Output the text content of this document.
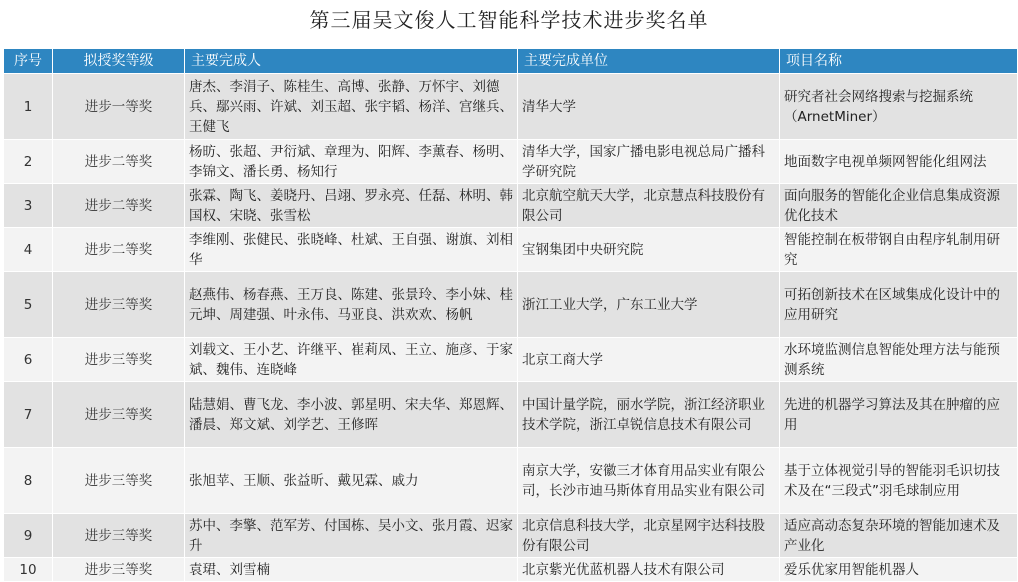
第三届吴文俊人工智能科学技术进步奖名单
序号	拟授奖等级	主要完成人	主要完成单位	项目名称
1	进步一等奖	唐杰、李涓子、陈桂生、高博、张静、万怀宇、刘德兵、鄢兴雨、许斌、刘玉超、张宇韬、杨洋、宫继兵、王健飞	清华大学	研究者社会网络搜索与挖掘系统（ArnetMiner）
2	进步二等奖	杨昉、张超、尹衍斌、章理为、阳辉、李薰春、杨明、李锦文、潘长勇、杨知行	清华大学，国家广播电影电视总局广播科学研究院	地面数字电视单频网智能化组网法
3	进步二等奖	张霖、陶飞、姜晓丹、吕翊、罗永亮、任磊、林明、韩国权、宋晓、张雪松	北京航空航天大学，北京慧点科技股份有限公司	面向服务的智能化企业信息集成资源优化技术
4	进步二等奖	李维刚、张健民、张晓峰、杜斌、王自强、谢旗、刘相华	宝钢集团中央研究院	智能控制在板带钢自由程序轧制用研究
5	进步三等奖	赵燕伟、杨春燕、王万良、陈建、张景玲、李小妹、桂元坤、周建强、叶永伟、马亚良、洪欢欢、杨帆	浙江工业大学，广东工业大学	可拓创新技术在区域集成化设计中的应用研究
6	进步三等奖	刘载文、王小艺、许继平、崔莉凤、王立、施彦、于家斌、魏伟、连晓峰	北京工商大学	水环境监测信息智能处理方法与能预测系统
7	进步三等奖	陆慧娟、曹飞龙、李小波、郭星明、宋夫华、郑恩辉、潘晨、郑文斌、刘学艺、王修晖	中国计量学院，丽水学院，浙江经济职业技术学院，浙江卓锐信息技术有限公司	先进的机器学习算法及其在肿瘤的应用
8	进步三等奖	张旭苹、王顺、张益昕、戴见霖、戚力	南京大学，安徽三才体育用品实业有限公司，长沙市迪马斯体育用品实业有限公司	基于立体视觉引导的智能羽毛识切技术及在“三段式”羽毛球制应用
9	进步三等奖	苏中、李擎、范军芳、付国栋、吴小文、张月霞、迟家升	北京信息科技大学，北京星网宇达科技股份有限公司	适应高动态复杂环境的智能加速术及产业化
10	进步三等奖	袁珺、刘雪楠	北京紫光优蓝机器人技术有限公司	爱乐优家用智能机器人
